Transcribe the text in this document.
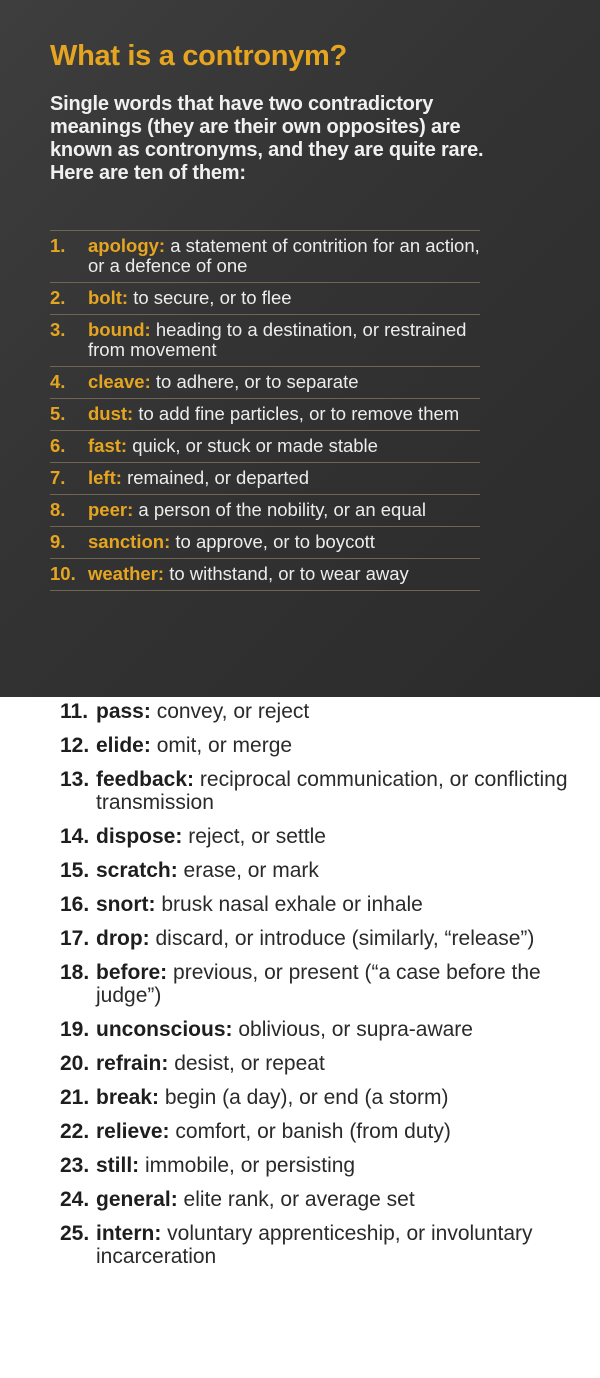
What is a contronym?

Single words that have two contradictory meanings (they are their own opposites) are known as contronyms, and they are quite rare. Here are ten of them:

1.	apology: a statement of contrition for an action, or a defence of one
2.	bolt: to secure, or to flee
3.	bound: heading to a destination, or restrained from movement
4.	cleave: to adhere, or to separate
5.	dust: to add fine particles, or to remove them
6.	fast: quick, or stuck or made stable
7.	left: remained, or departed
8.	peer: a person of the nobility, or an equal
9.	sanction: to approve, or to boycott
10. weather: to withstand, or to wear away
11. pass: convey, or reject
12. elide: omit, or merge
13. feedback: reciprocal communication, or conflicting transmission
14. dispose: reject, or settle
15. scratch: erase, or mark
16. snort: brusk nasal exhale or inhale
17. drop: discard, or introduce (similarly, “release”)
18. before: previous, or present (“a case before the judge”)
19. unconscious: oblivious, or supra-aware
20. refrain: desist, or repeat
21. break: begin (a day), or end (a storm)
22. relieve: comfort, or banish (from duty)
23. still: immobile, or persisting
24. general: elite rank, or average set
25. intern: voluntary apprenticeship, or involuntary incarceration
